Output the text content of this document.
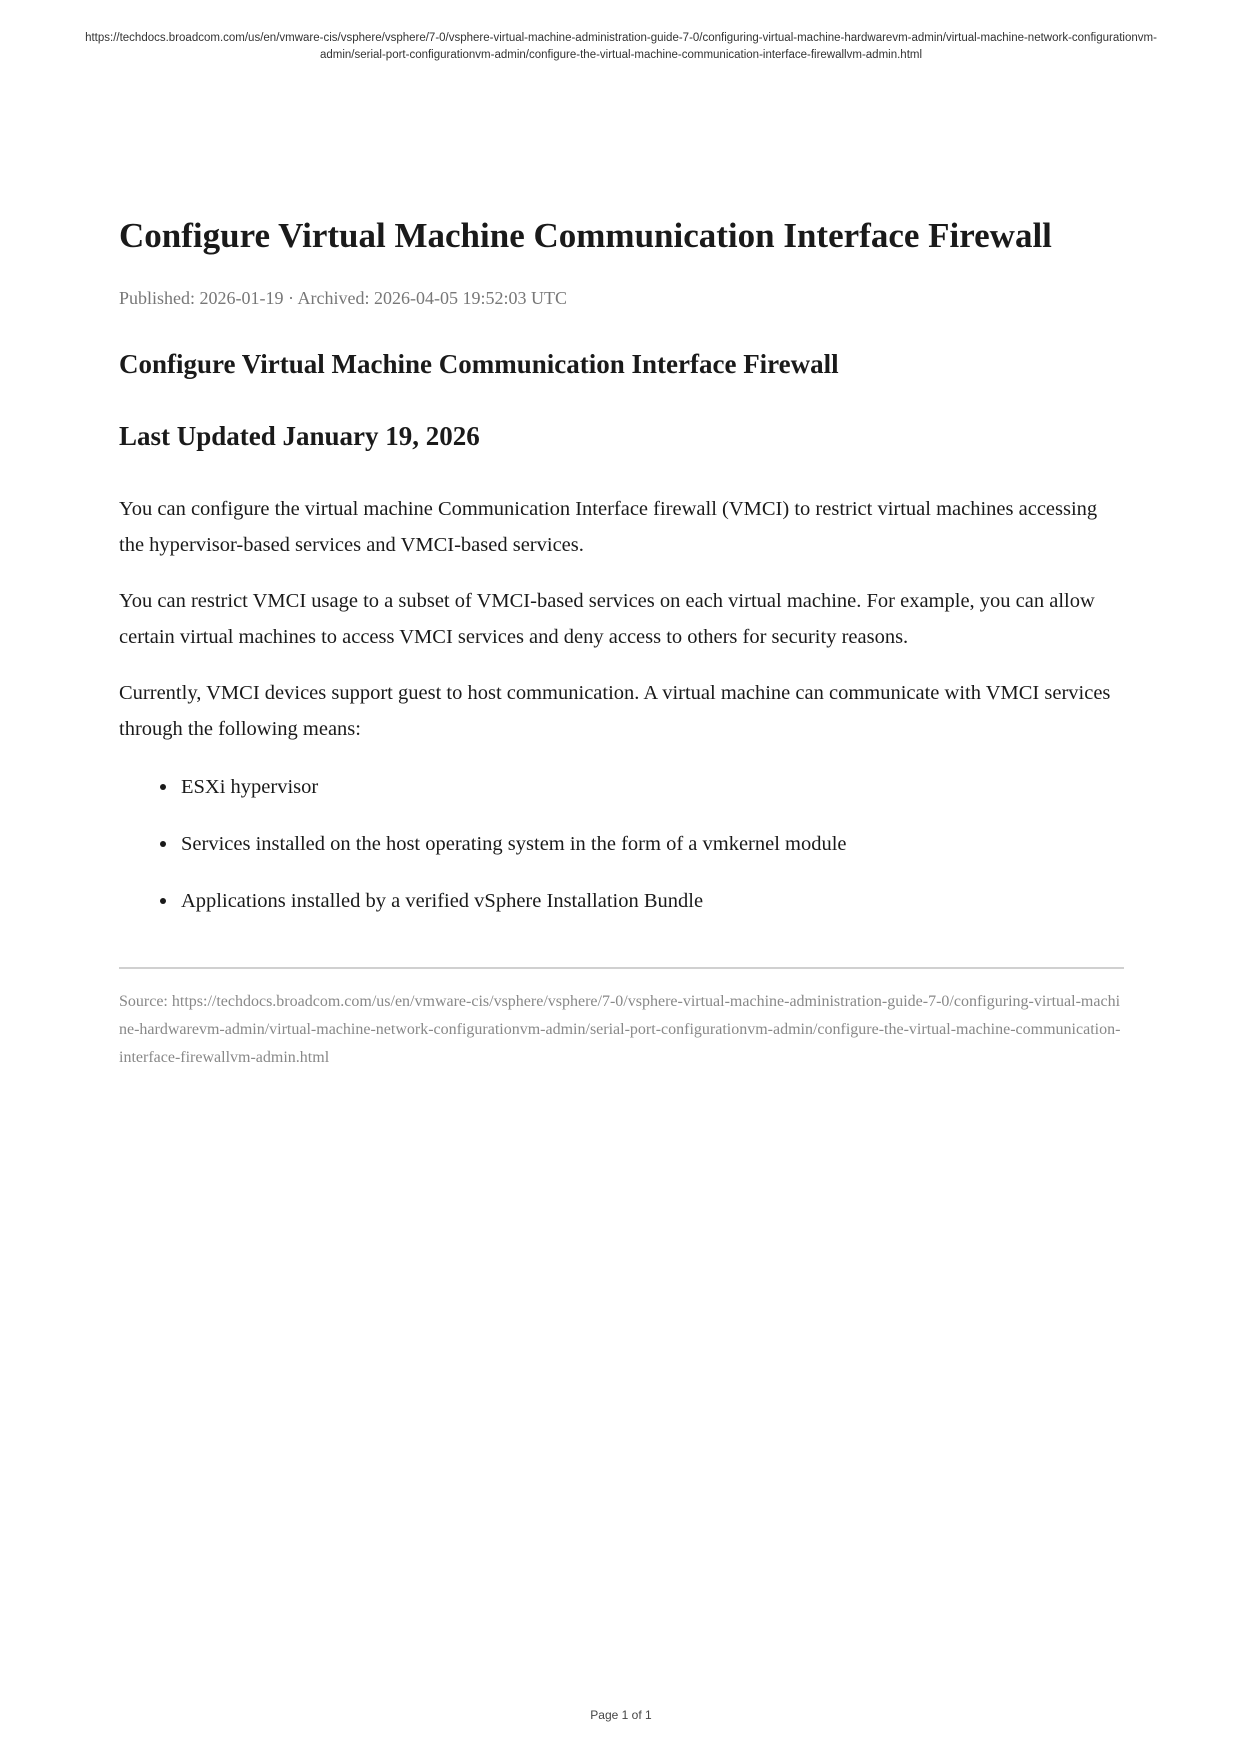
https://techdocs.broadcom.com/us/en/vmware-cis/vsphere/vsphere/7-0/vsphere-virtual-machine-administration-guide-7-0/configuring-virtual-machine-hardwarevm-admin/virtual-machine-network-configurationvm-admin/serial-port-configurationvm-admin/configure-the-virtual-machine-communication-interface-firewallvm-admin.html
Configure Virtual Machine Communication Interface Firewall
Published: 2026-01-19 · Archived: 2026-04-05 19:52:03 UTC
Configure Virtual Machine Communication Interface Firewall
Last Updated January 19, 2026

You can configure the virtual machine Communication Interface firewall (VMCI) to restrict virtual machines accessing the hypervisor-based services and VMCI-based services.

You can restrict VMCI usage to a subset of VMCI-based services on each virtual machine. For example, you can allow certain virtual machines to access VMCI services and deny access to others for security reasons.

Currently, VMCI devices support guest to host communication. A virtual machine can communicate with VMCI services through the following means:

ESXi hypervisor
Services installed on the host operating system in the form of a vmkernel module
Applications installed by a verified vSphere Installation Bundle
Source: https://techdocs.broadcom.com/us/en/vmware-cis/vsphere/vsphere/7-0/vsphere-virtual-machine-administration-guide-7-0/configuring-virtual-machine-hardwarevm-admin/virtual-machine-network-configurationvm-admin/serial-port-configurationvm-admin/configure-the-virtual-machine-communication-interface-firewallvm-admin.html
Page 1 of 1
